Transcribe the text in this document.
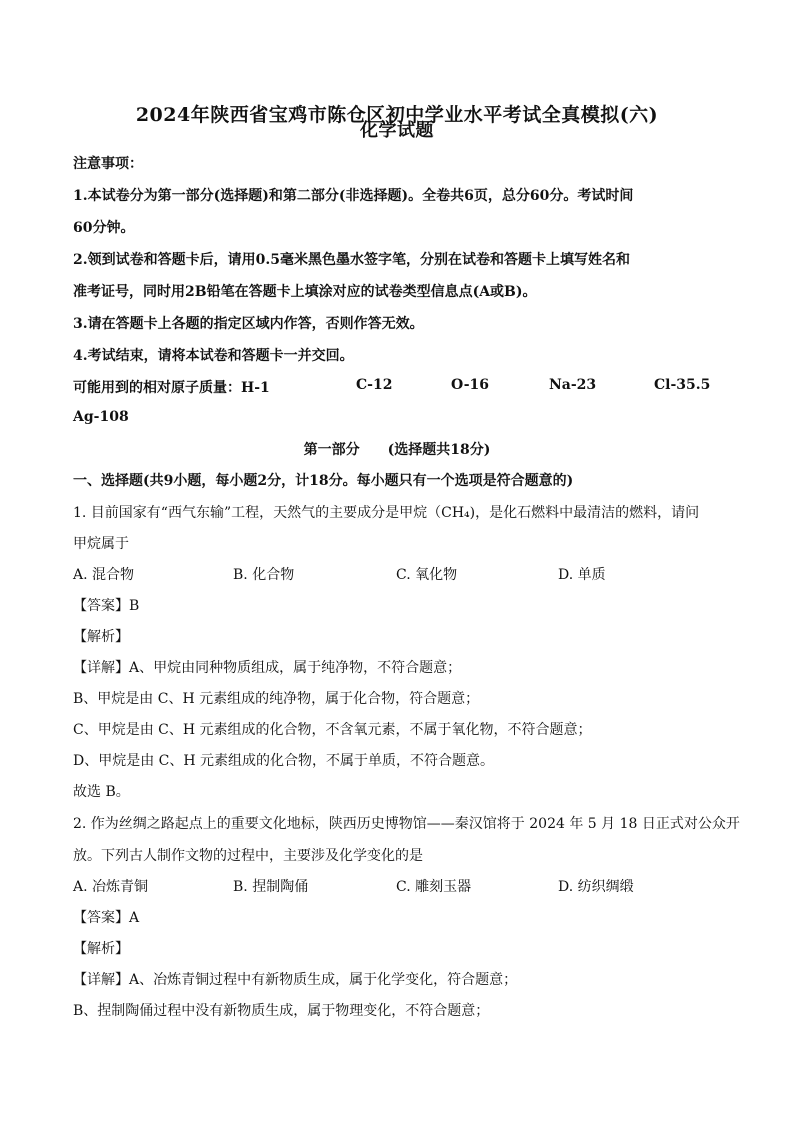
2024年陕西省宝鸡市陈仓区初中学业水平考试全真模拟(六)
化学试题
注意事项：
1.本试卷分为第一部分(选择题)和第二部分(非选择题)。全卷共6页，总分60分。考试时间
60分钟。
2.领到试卷和答题卡后，请用0.5毫米黑色墨水签字笔，分别在试卷和答题卡上填写姓名和
准考证号，同时用2B铅笔在答题卡上填涂对应的试卷类型信息点(A或B)。
3.请在答题卡上各题的指定区域内作答，否则作答无效。
4.考试结束，请将本试卷和答题卡一并交回。
可能用到的相对原子质量：H-1	C-12	O-16	Na-23	Cl-35.5
Ag-108
第一部分　　(选择题共18分)
一、选择题(共9小题，每小题2分，计18分。每小题只有一个选项是符合题意的)
1. 目前国家有“西气东输”工程，天然气的主要成分是甲烷（CH₄)，是化石燃料中最清洁的燃料，请问
甲烷属于
A. 混合物	B. 化合物	C. 氧化物	D. 单质
【答案】B
【解析】
【详解】A、甲烷由同种物质组成，属于纯净物，不符合题意；
B、甲烷是由 C、H 元素组成的纯净物，属于化合物，符合题意；
C、甲烷是由 C、H 元素组成的化合物，不含氧元素，不属于氧化物，不符合题意；
D、甲烷是由 C、H 元素组成的化合物，不属于单质，不符合题意。
故选 B。
2. 作为丝绸之路起点上的重要文化地标，陕西历史博物馆——秦汉馆将于 2024 年 5 月 18 日正式对公众开
放。下列古人制作文物的过程中，主要涉及化学变化的是
A. 冶炼青铜	B. 捏制陶俑	C. 雕刻玉器	D. 纺织绸缎
【答案】A
【解析】
【详解】A、冶炼青铜过程中有新物质生成，属于化学变化，符合题意；
B、捏制陶俑过程中没有新物质生成，属于物理变化，不符合题意；
